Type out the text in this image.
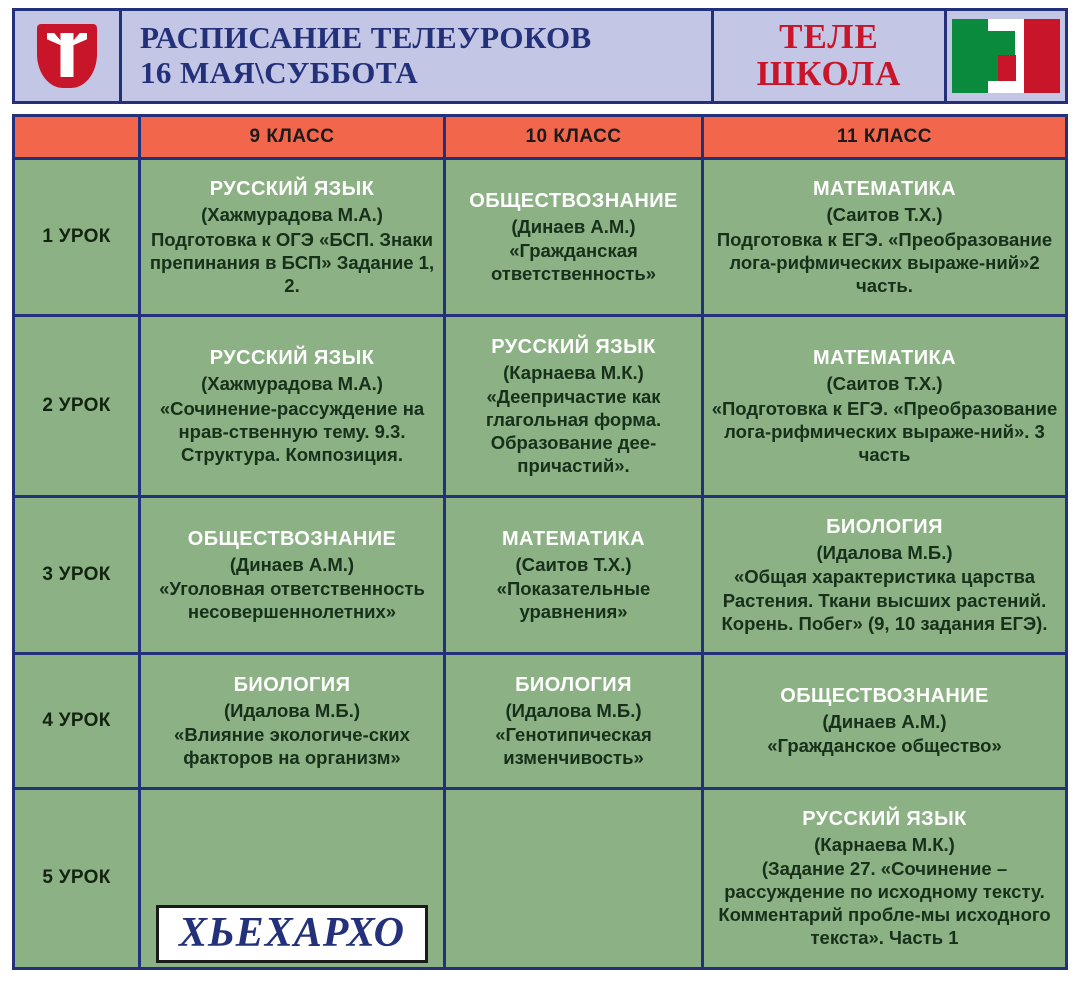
РАСПИСАНИЕ ТЕЛЕУРОКОВ
16 МАЯ\СУББОТА
ТЕЛЕ
ШКОЛА
9 КЛАСС	10 КЛАСС	11 КЛАСС
1 УРОК
РУССКИЙ ЯЗЫК
(Хажмурадова М.А.)
Подготовка к ОГЭ «БСП. Знаки препинания в БСП» Задание 1, 2.
ОБЩЕСТВОЗНАНИЕ
(Динаев А.М.)
«Гражданская ответственность»
МАТЕМАТИКА
(Саитов Т.Х.)
Подготовка к ЕГЭ. «Преобразование лога-рифмических выраже-ний»2 часть.
2 УРОК
РУССКИЙ ЯЗЫК
(Хажмурадова М.А.)
«Сочинение-рассуждение на нрав-ственную тему. 9.3. Структура. Композиция.
РУССКИЙ ЯЗЫК
(Карнаева М.К.)
«Деепричастие как глагольная форма. Образование дее-причастий».
МАТЕМАТИКА
(Саитов Т.Х.)
«Подготовка к ЕГЭ. «Преобразование лога-рифмических выраже-ний». 3 часть
3 УРОК
ОБЩЕСТВОЗНАНИЕ
(Динаев А.М.)
«Уголовная ответственность несовершеннолетних»
МАТЕМАТИКА
(Саитов Т.Х.)
«Показательные уравнения»
БИОЛОГИЯ
(Идалова М.Б.)
«Общая характеристика царства Растения. Ткани высших растений. Корень. Побег» (9, 10 задания ЕГЭ).
4 УРОК
БИОЛОГИЯ
(Идалова М.Б.)
«Влияние экологиче-ских факторов на организм»
БИОЛОГИЯ
(Идалова М.Б.)
«Генотипическая изменчивость»
ОБЩЕСТВОЗНАНИЕ
(Динаев А.М.)
«Гражданское общество»
5 УРОК
ХЬЕХАРХО
РУССКИЙ ЯЗЫК
(Карнаева М.К.)
(Задание 27. «Сочинение – рассуждение по исходному тексту. Комментарий пробле-мы исходного текста». Часть 1
